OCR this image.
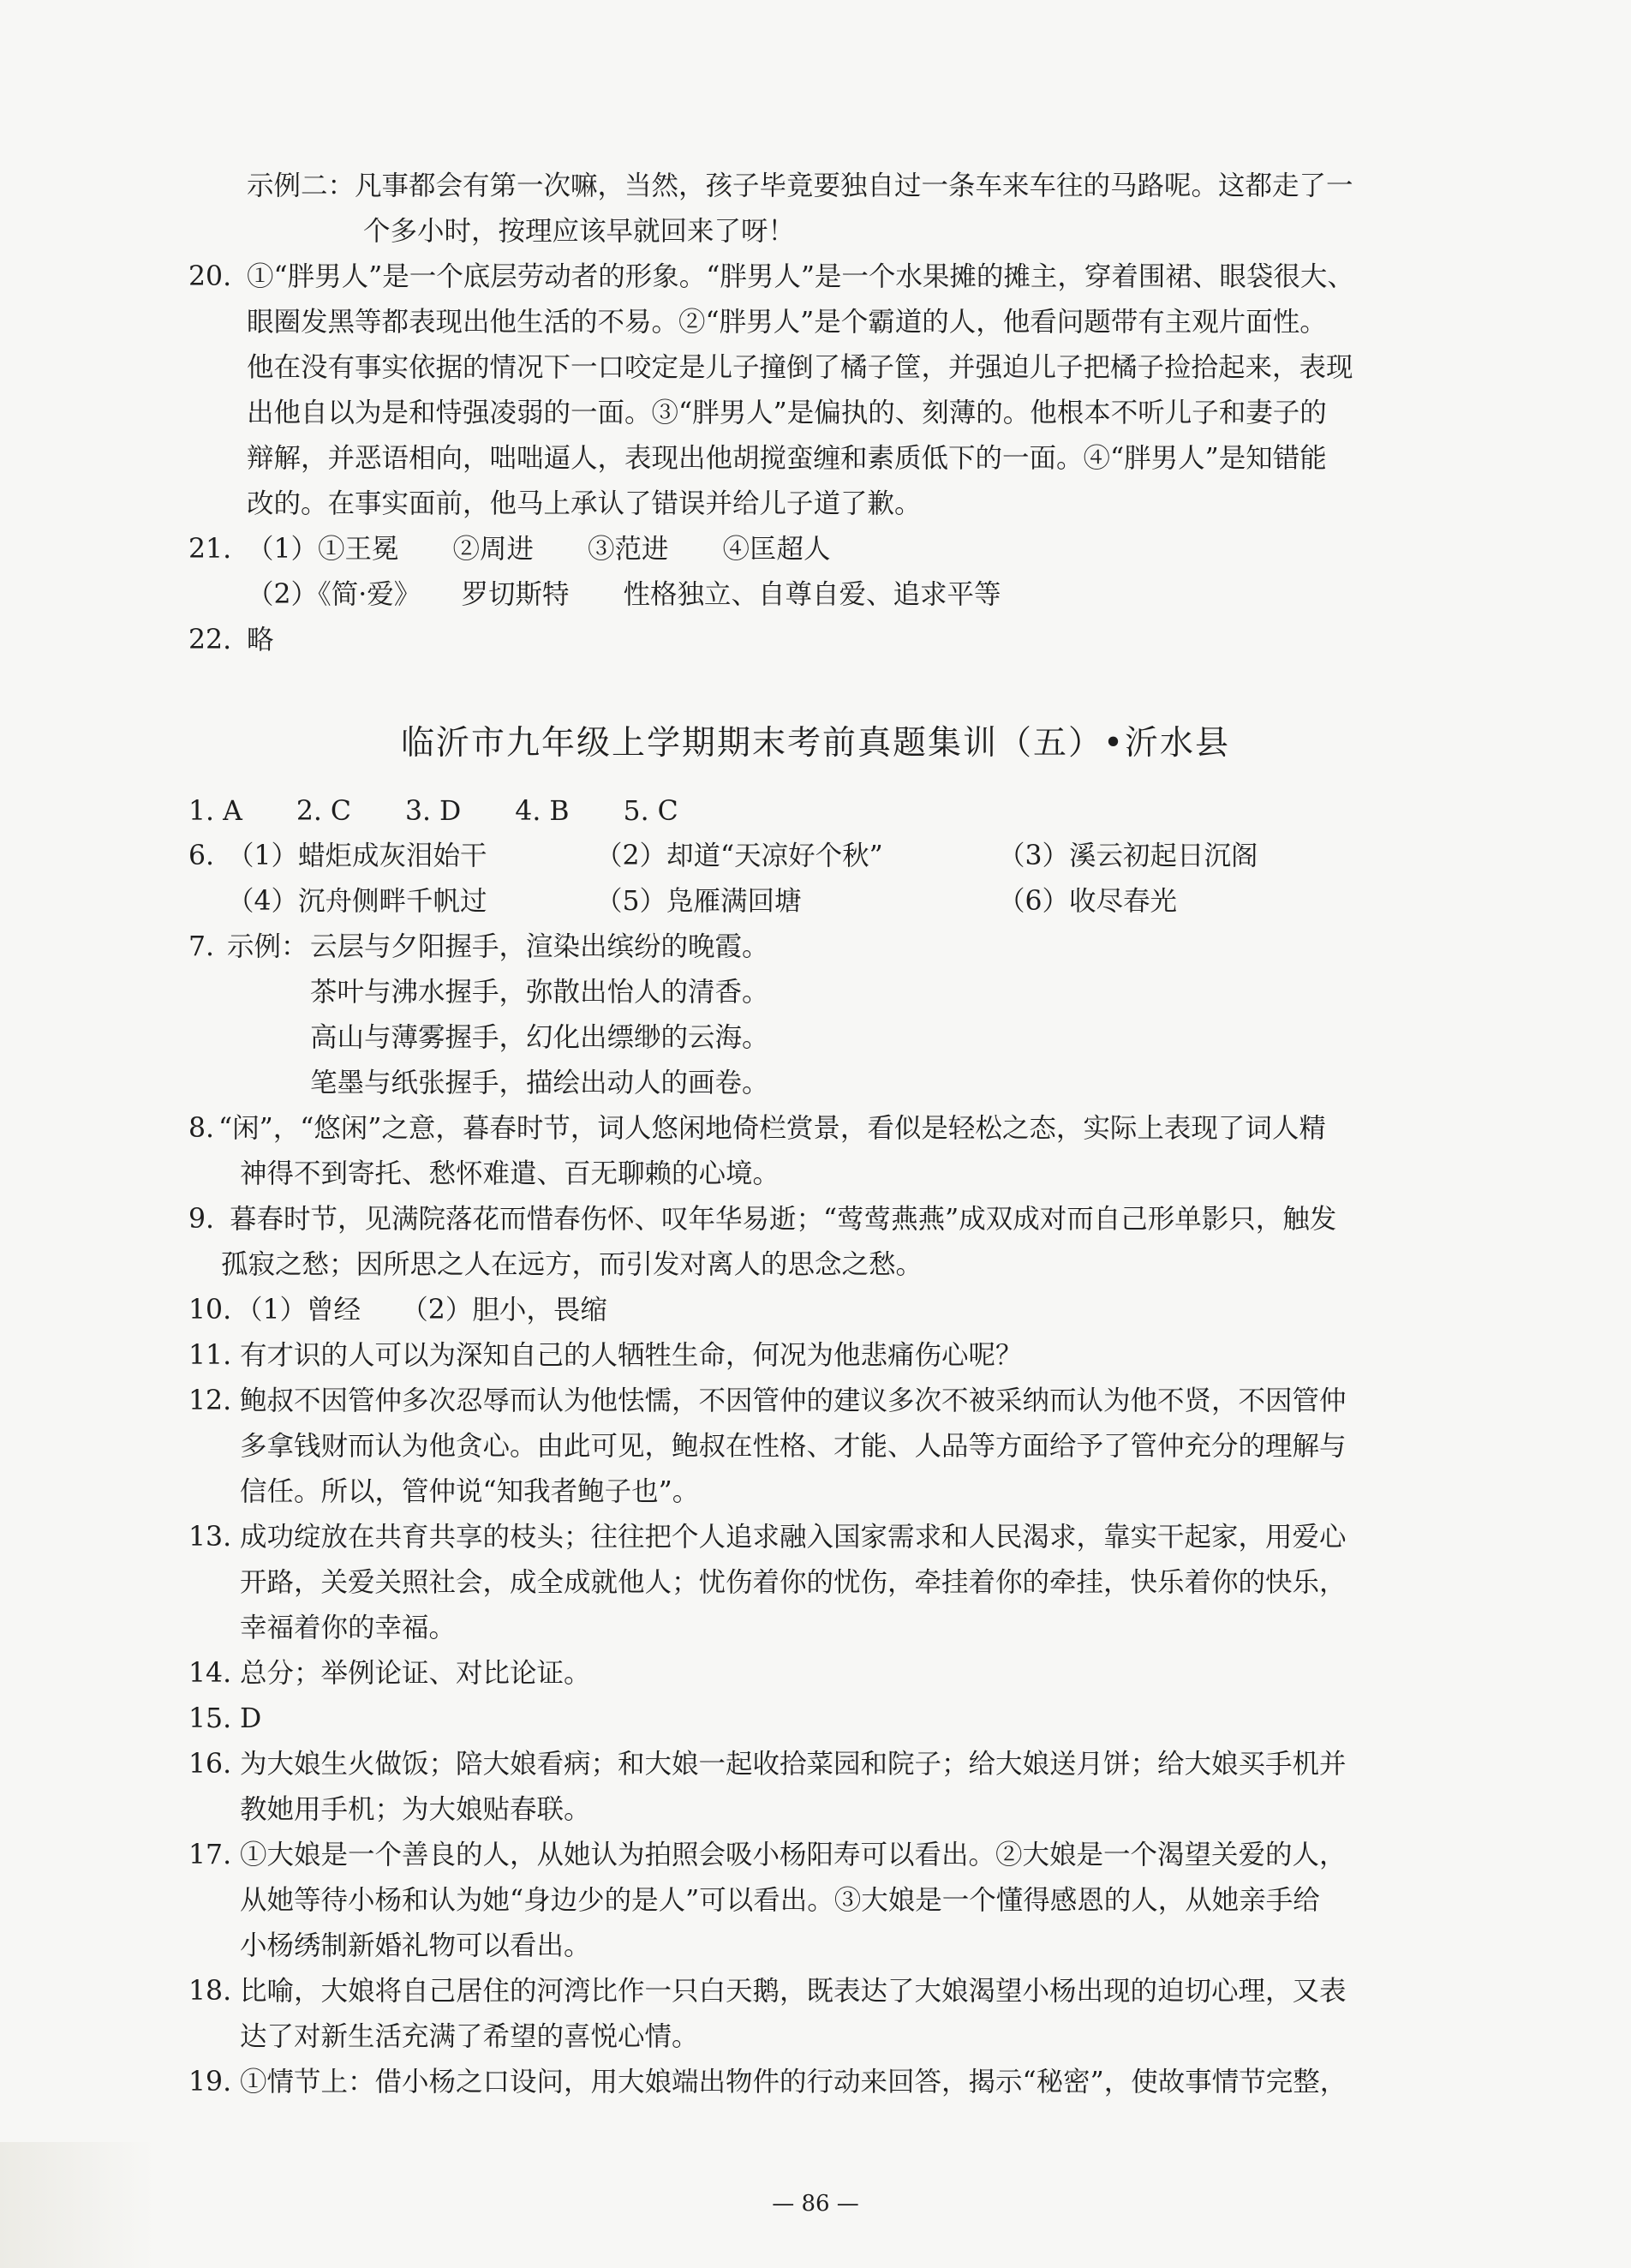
示例二：凡事都会有第一次嘛，当然，孩子毕竟要独自过一条车来车往的马路呢。这都走了一
个多小时，按理应该早就回来了呀！
20. ①“胖男人”是一个底层劳动者的形象。“胖男人”是一个水果摊的摊主，穿着围裙、眼袋很大、
眼圈发黑等都表现出他生活的不易。②“胖男人”是个霸道的人，他看问题带有主观片面性。
他在没有事实依据的情况下一口咬定是儿子撞倒了橘子筐，并强迫儿子把橘子捡拾起来，表现
出他自以为是和恃强凌弱的一面。③“胖男人”是偏执的、刻薄的。他根本不听儿子和妻子的
辩解，并恶语相向，咄咄逼人，表现出他胡搅蛮缠和素质低下的一面。④“胖男人”是知错能
改的。在事实面前，他马上承认了错误并给儿子道了歉。
21. （1）①王冕　　②周进　　③范进　　④匡超人
（2）《简·爱》　　罗切斯特　　性格独立、自尊自爱、追求平等
22. 略
临沂市九年级上学期期末考前真题集训（五）•沂水县
1. A　　2. C　　3. D　　4. B　　5. C
6. （1）蜡炬成灰泪始干	（2）却道“天凉好个秋”	（3）溪云初起日沉阁
（4）沉舟侧畔千帆过	（5）凫雁满回塘	（6）收尽春光
7. 示例： 云层与夕阳握手，渲染出缤纷的晚霞。
茶叶与沸水握手，弥散出怡人的清香。
高山与薄雾握手，幻化出缥缈的云海。
笔墨与纸张握手，描绘出动人的画卷。
8. “闲”，“悠闲”之意，暮春时节，词人悠闲地倚栏赏景，看似是轻松之态，实际上表现了词人精
神得不到寄托、愁怀难遣、百无聊赖的心境。
9. 暮春时节，见满院落花而惜春伤怀、叹年华易逝；“莺莺燕燕”成双成对而自己形单影只，触发
孤寂之愁；因所思之人在远方，而引发对离人的思念之愁。
10. （1）曾经　　（2）胆小，畏缩
11. 有才识的人可以为深知自己的人牺牲生命，何况为他悲痛伤心呢？
12. 鲍叔不因管仲多次忍辱而认为他怯懦，不因管仲的建议多次不被采纳而认为他不贤，不因管仲
多拿钱财而认为他贪心。由此可见，鲍叔在性格、才能、人品等方面给予了管仲充分的理解与
信任。所以，管仲说“知我者鲍子也”。
13. 成功绽放在共育共享的枝头；往往把个人追求融入国家需求和人民渴求，靠实干起家，用爱心
开路，关爱关照社会，成全成就他人；忧伤着你的忧伤，牵挂着你的牵挂，快乐着你的快乐，
幸福着你的幸福。
14. 总分；举例论证、对比论证。
15. D
16. 为大娘生火做饭；陪大娘看病；和大娘一起收拾菜园和院子；给大娘送月饼；给大娘买手机并
教她用手机；为大娘贴春联。
17. ①大娘是一个善良的人，从她认为拍照会吸小杨阳寿可以看出。②大娘是一个渴望关爱的人，
从她等待小杨和认为她“身边少的是人”可以看出。③大娘是一个懂得感恩的人，从她亲手给
小杨绣制新婚礼物可以看出。
18. 比喻，大娘将自己居住的河湾比作一只白天鹅，既表达了大娘渴望小杨出现的迫切心理，又表
达了对新生活充满了希望的喜悦心情。
19. ①情节上：借小杨之口设问，用大娘端出物件的行动来回答，揭示“秘密”，使故事情节完整，
— 86 —
